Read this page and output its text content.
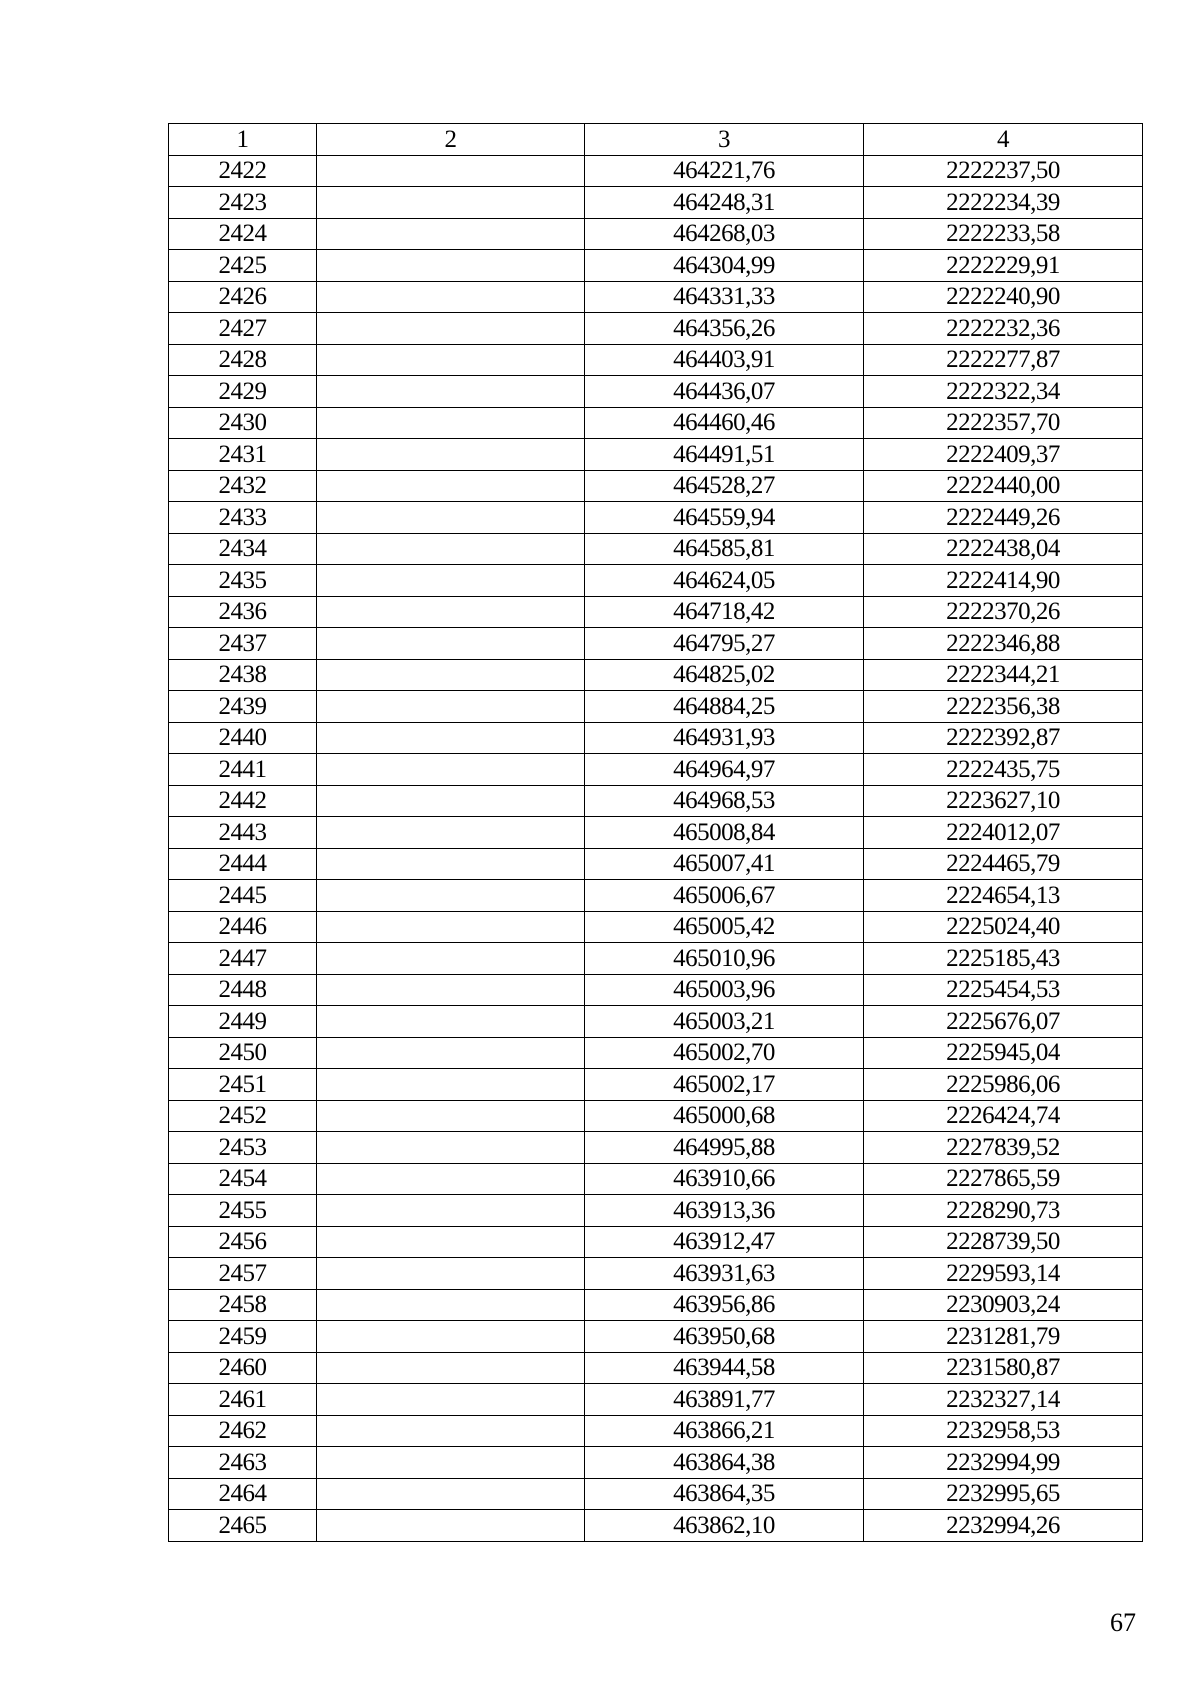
1	2	3	4
2422		464221,76	2222237,50
2423		464248,31	2222234,39
2424		464268,03	2222233,58
2425		464304,99	2222229,91
2426		464331,33	2222240,90
2427		464356,26	2222232,36
2428		464403,91	2222277,87
2429		464436,07	2222322,34
2430		464460,46	2222357,70
2431		464491,51	2222409,37
2432		464528,27	2222440,00
2433		464559,94	2222449,26
2434		464585,81	2222438,04
2435		464624,05	2222414,90
2436		464718,42	2222370,26
2437		464795,27	2222346,88
2438		464825,02	2222344,21
2439		464884,25	2222356,38
2440		464931,93	2222392,87
2441		464964,97	2222435,75
2442		464968,53	2223627,10
2443		465008,84	2224012,07
2444		465007,41	2224465,79
2445		465006,67	2224654,13
2446		465005,42	2225024,40
2447		465010,96	2225185,43
2448		465003,96	2225454,53
2449		465003,21	2225676,07
2450		465002,70	2225945,04
2451		465002,17	2225986,06
2452		465000,68	2226424,74
2453		464995,88	2227839,52
2454		463910,66	2227865,59
2455		463913,36	2228290,73
2456		463912,47	2228739,50
2457		463931,63	2229593,14
2458		463956,86	2230903,24
2459		463950,68	2231281,79
2460		463944,58	2231580,87
2461		463891,77	2232327,14
2462		463866,21	2232958,53
2463		463864,38	2232994,99
2464		463864,35	2232995,65
2465		463862,10	2232994,26
67
